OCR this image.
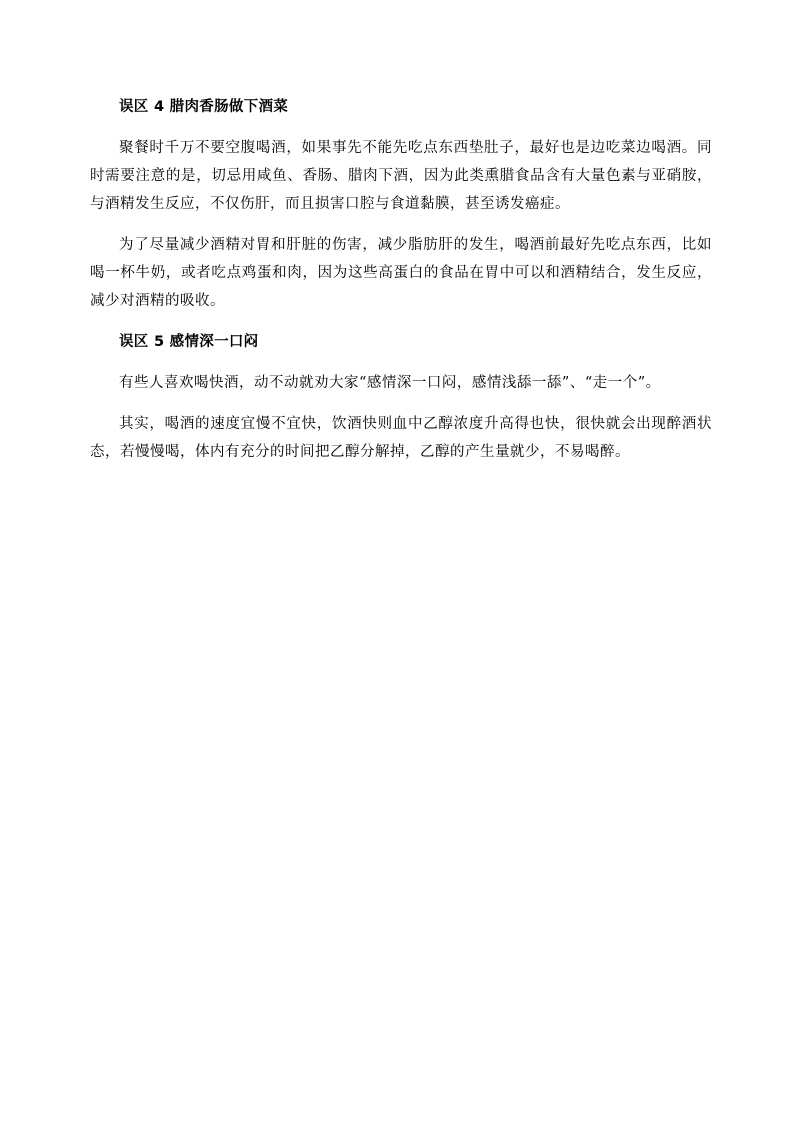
误区 4 腊肉香肠做下酒菜

聚餐时千万不要空腹喝酒，如果事先不能先吃点东西垫肚子，最好也是边吃菜边喝酒。同时需要注意的是，切忌用咸鱼、香肠、腊肉下酒，因为此类熏腊食品含有大量色素与亚硝胺，与酒精发生反应，不仅伤肝，而且损害口腔与食道黏膜，甚至诱发癌症。

为了尽量减少酒精对胃和肝脏的伤害，减少脂肪肝的发生，喝酒前最好先吃点东西，比如喝一杯牛奶，或者吃点鸡蛋和肉，因为这些高蛋白的食品在胃中可以和酒精结合，发生反应，减少对酒精的吸收。

误区 5 感情深一口闷

有些人喜欢喝快酒，动不动就劝大家“感情深一口闷，感情浅舔一舔”、“走一个”。

其实，喝酒的速度宜慢不宜快，饮酒快则血中乙醇浓度升高得也快，很快就会出现醉酒状态，若慢慢喝，体内有充分的时间把乙醇分解掉，乙醇的产生量就少，不易喝醉。
